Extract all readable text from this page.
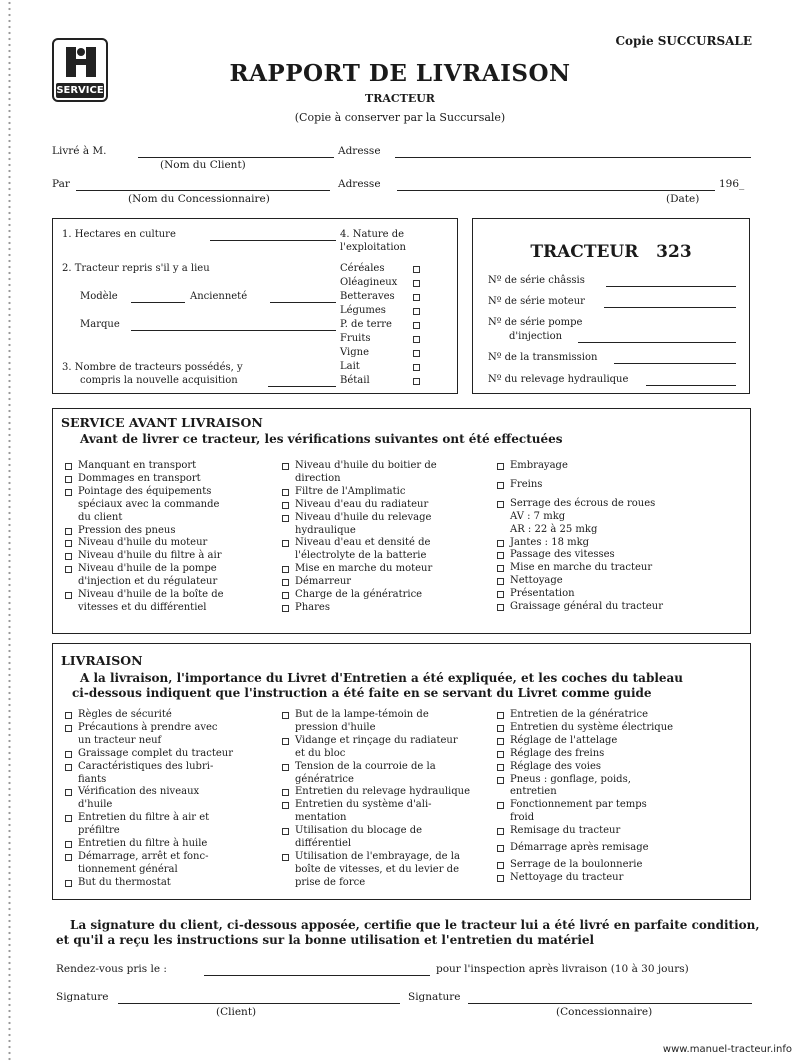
SERVICE
Copie SUCCURSALE
RAPPORT DE LIVRAISON
TRACTEUR
(Copie à conserver par la Succursale)
Livré à M.	Adresse
(Nom du Client)
Par	Adresse	196_
(Nom du Concessionnaire)	(Date)
1. Hectares en culture
2. Tracteur repris s'il y a lieu
Modèle	Ancienneté
Marque
3. Nombre de tracteurs possédés, y
compris la nouvelle acquisition
4. Nature de
l'exploitation
Céréales
Oléagineux
Betteraves
Légumes
P. de terre
Fruits
Vigne
Lait
Bétail
TRACTEUR 323
Nº de série châssis
Nº de série moteur
Nº de série pompe
d'injection
Nº de la transmission
Nº du relevage hydraulique
SERVICE AVANT LIVRAISON
Avant de livrer ce tracteur, les vérifications suivantes ont été effectuées
Manquant en transport
Dommages en transport
Pointage des équipements
spéciaux avec la commande
du client
Pression des pneus
Niveau d'huile du moteur
Niveau d'huile du filtre à air
Niveau d'huile de la pompe
d'injection et du régulateur
Niveau d'huile de la boîte de
vitesses et du différentiel
Niveau d'huile du boitier de
direction
Filtre de l'Amplimatic
Niveau d'eau du radiateur
Niveau d'huile du relevage
hydraulique
Niveau d'eau et densité de
l'électrolyte de la batterie
Mise en marche du moteur
Démarreur
Charge de la génératrice
Phares
Embrayage
Freins
Serrage des écrous de roues
AV : 7 mkg
AR : 22 à 25 mkg
Jantes : 18 mkg
Passage des vitesses
Mise en marche du tracteur
Nettoyage
Présentation
Graissage général du tracteur
LIVRAISON
A la livraison, l'importance du Livret d'Entretien a été expliquée, et les coches du tableau
ci-dessous indiquent que l'instruction a été faite en se servant du Livret comme guide
Règles de sécurité
Précautions à prendre avec
un tracteur neuf
Graissage complet du tracteur
Caractéristiques des lubri-
fiants
Vérification des niveaux
d'huile
Entretien du filtre à air et
préfiltre
Entretien du filtre à huile
Démarrage, arrêt et fonc-
tionnement général
But du thermostat
But de la lampe-témoin de
pression d'huile
Vidange et rinçage du radiateur
et du bloc
Tension de la courroie de la
génératrice
Entretien du relevage hydraulique
Entretien du système d'ali-
mentation
Utilisation du blocage de
différentiel
Utilisation de l'embrayage, de la
boîte de vitesses, et du levier de
prise de force
Entretien de la génératrice
Entretien du système électrique
Réglage de l'attelage
Réglage des freins
Réglage des voies
Pneus : gonflage, poids,
entretien
Fonctionnement par temps
froid
Remisage du tracteur
Démarrage après remisage
Serrage de la boulonnerie
Nettoyage du tracteur
La signature du client, ci-dessous apposée, certifie que le tracteur lui a été livré en parfaite condition,
et qu'il a reçu les instructions sur la bonne utilisation et l'entretien du matériel
Rendez-vous pris le :	pour l'inspection après livraison (10 à 30 jours)
Signature	Signature
(Client)	(Concessionnaire)
www.manuel-tracteur.info
